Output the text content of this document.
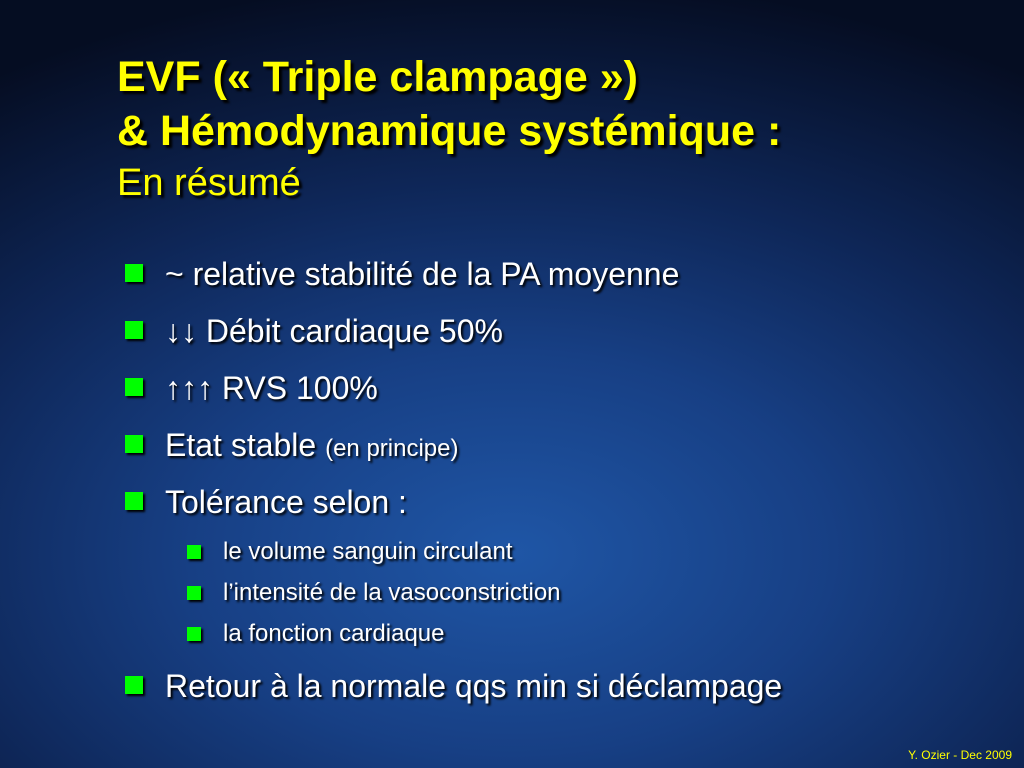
EVF (« Triple clampage »)
& Hémodynamique systémique :
En résumé
~ relative stabilité de la PA moyenne
↓↓ Débit cardiaque 50%
↑↑↑ RVS 100%
Etat stable (en principe)
Tolérance selon :
le volume sanguin circulant
l’intensité de la vasoconstriction
la fonction cardiaque
Retour à la normale qqs min si déclampage
Y. Ozier - Dec 2009
